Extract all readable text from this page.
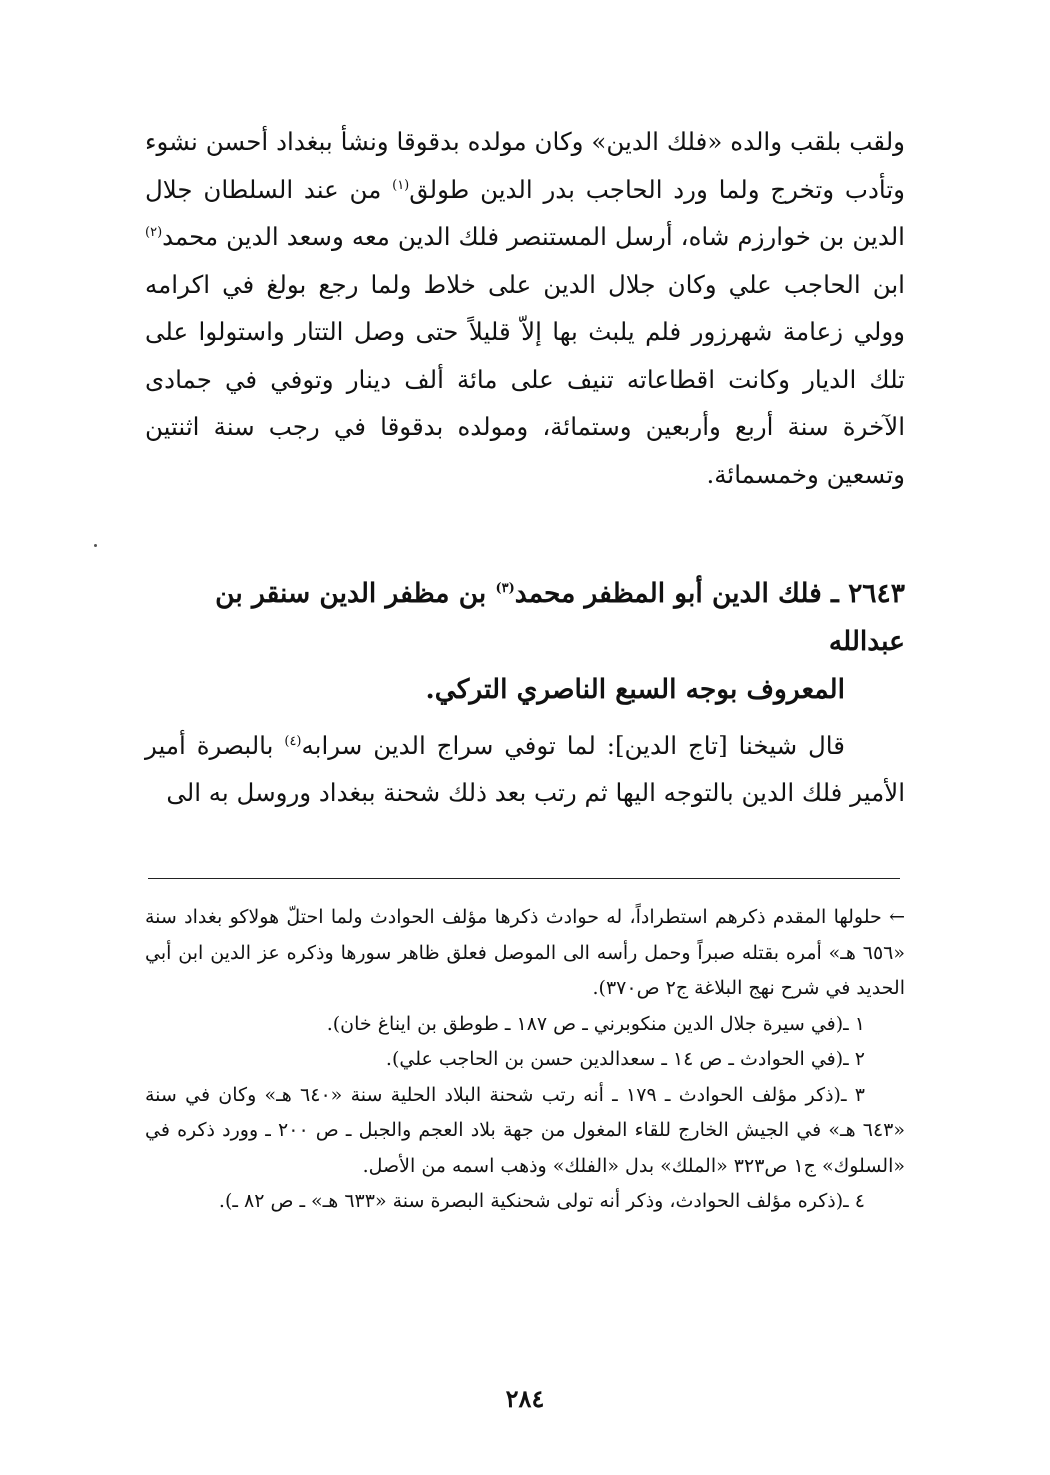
ولقب بلقب والده «فلك الدين» وكان مولده بدقوقا ونشأ ببغداد أحسن نشوء وتأدب وتخرج ولما ورد الحاجب بدر الدين طولق$^{(١)}$ من عند السلطان جلال الدين بن خوارزم شاه، أرسل المستنصر فلك الدين معه وسعد الدين محمد$^{(٢)}$ ابن الحاجب علي وكان جلال الدين على خلاط ولما رجع بولغ في اكرامه وولي زعامة شهرزور فلم يلبث بها إلاّ قليلاً حتى وصل التتار واستولوا على تلك الديار وكانت اقطاعاته تنيف على مائة ألف دينار وتوفي في جمادى الآخرة سنة أربع وأربعين وستمائة، ومولده بدقوقا في رجب سنة اثنتين وتسعين وخمسمائة.

٢٦٤٣ ـ فلك الدين أبو المظفر محمد$^{(٣)}$ بن مظفر الدين سنقر بن عبدالله
المعروف بوجه السبع الناصري التركي.

قال شيخنا [تاج الدين]: لما توفي سراج الدين سرابه$^{(٤)}$ بالبصرة أمير الأمير فلك الدين بالتوجه اليها ثم رتب بعد ذلك شحنة ببغداد وروسل به الى

← حلولها المقدم ذكرهم استطراداً، له حوادث ذكرها مؤلف الحوادث ولما احتلّ هولاكو بغداد سنة «٦٥٦ هـ» أمره بقتله صبراً وحمل رأسه الى الموصل فعلق ظاهر سورها وذكره عز الدين ابن أبي الحديد في شرح نهج البلاغة ج٢ ص٣٧٠).

١ ـ(في سيرة جلال الدين منكوبرني ـ ص ١٨٧ ـ طوطق بن ايناغ خان).

٢ ـ(في الحوادث ـ ص ١٤ ـ سعدالدين حسن بن الحاجب علي).

٣ ـ(ذكر مؤلف الحوادث ـ ١٧٩ ـ أنه رتب شحنة البلاد الحلية سنة «٦٤٠ هـ» وكان في سنة «٦٤٣ هـ» في الجيش الخارج للقاء المغول من جهة بلاد العجم والجبل ـ ص ٢٠٠ ـ وورد ذكره في «السلوك» ج١ ص٣٢٣ «الملك» بدل «الفلك» وذهب اسمه من الأصل.

٤ ـ(ذكره مؤلف الحوادث، وذكر أنه تولى شحنكية البصرة سنة «٦٣٣ هـ» ـ ص ٨٢ ـ).

٢٨٤
